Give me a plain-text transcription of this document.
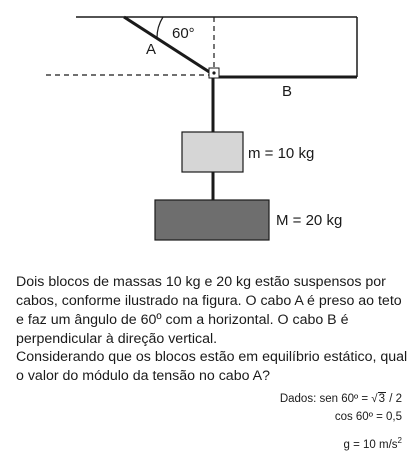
60°
A
B
m = 10 kg
M = 20 kg

Dois blocos de massas 10 kg e 20 kg estão suspensos por cabos, conforme ilustrado na figura. O cabo A é preso ao teto e faz um ângulo de 60º com a horizontal. O cabo B é perpendicular à direção vertical.

Considerando que os blocos estão em equilíbrio estático, qual o valor do módulo da tensão no cabo A?

Dados: sen 60º = √3 / 2
cos 60º = 0,5
g = 10 $m/s^2$
